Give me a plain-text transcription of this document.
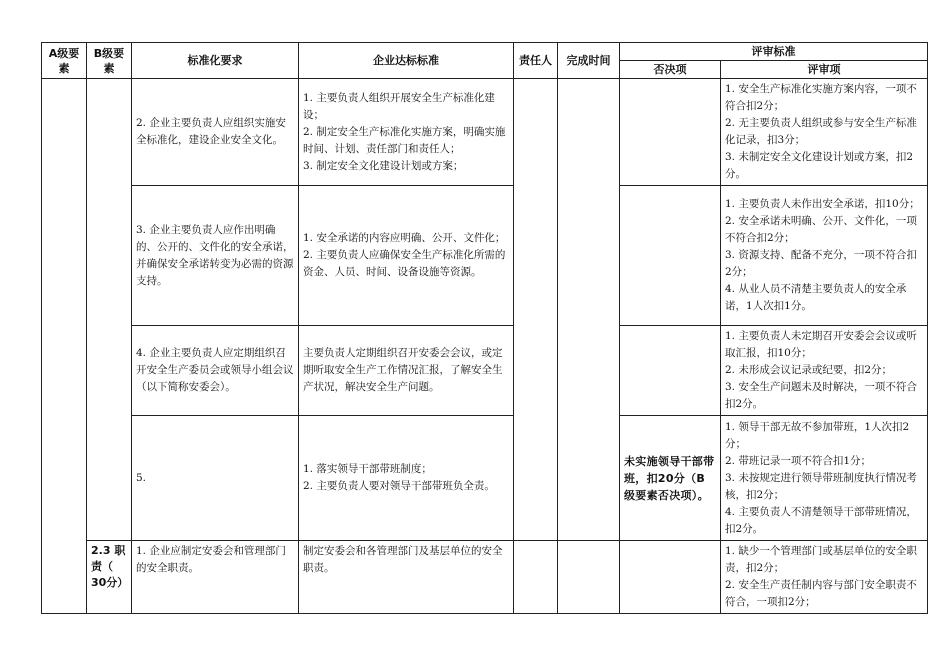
A级要素	B级要素	标准化要求	企业达标标准	责任人	完成时间	评审标准	
						否决项	评审项
		2. 企业主要负责人应组织实施安全标准化，建设企业安全文化。	1. 主要负责人组织开展安全生产标准化建设；
2. 制定安全生产标准化实施方案，明确实施时间、计划、责任部门和责任人；
3. 制定安全文化建设计划或方案；				1. 安全生产标准化实施方案内容，一项不符合扣2分；
2. 无主要负责人组织或参与安全生产标准化记录，扣3分；
3. 未制定安全文化建设计划或方案，扣2分。

		3. 企业主要负责人应作出明确的、公开的、文件化的安全承诺，并确保安全承诺转变为必需的资源支持。	1. 安全承诺的内容应明确、公开、文件化；
2. 主要负责人应确保安全生产标准化所需的资金、人员、时间、设备设施等资源。				1. 主要负责人未作出安全承诺，扣10分；
2. 安全承诺未明确、公开、文件化，一项不符合扣2分；
3. 资源支持、配备不充分，一项不符合扣2分；
4. 从业人员不清楚主要负责人的安全承诺，1人次扣1分。

		4. 企业主要负责人应定期组织召开安全生产委员会或领导小组会议（以下简称安委会）。	主要负责人定期组织召开安委会会议，或定期听取安全生产工作情况汇报，了解安全生产状况，解决安全生产问题。				1. 主要负责人未定期召开安委会会议或听取汇报，扣10分；
2. 未形成会议记录或纪要，扣2分；
3. 安全生产问题未及时解决，一项不符合扣2分。

		5.	1. 落实领导干部带班制度；
2. 主要负责人要对领导干部带班负全责。			未实施领导干部带班，扣20分（B级要素否决项）。	1. 领导干部无故不参加带班，1人次扣2分；
2. 带班记录一项不符合扣1分；
3. 未按规定进行领导带班制度执行情况考核，扣2分；
4. 主要负责人不清楚领导干部带班情况，扣2分。

	2.3 职责（ 30分）	1. 企业应制定安委会和管理部门的安全职责。	制定安委会和各管理部门及基层单位的安全职责。				1. 缺少一个管理部门或基层单位的安全职责，扣2分；
2. 安全生产责任制内容与部门安全职责不符合，一项扣2分；
